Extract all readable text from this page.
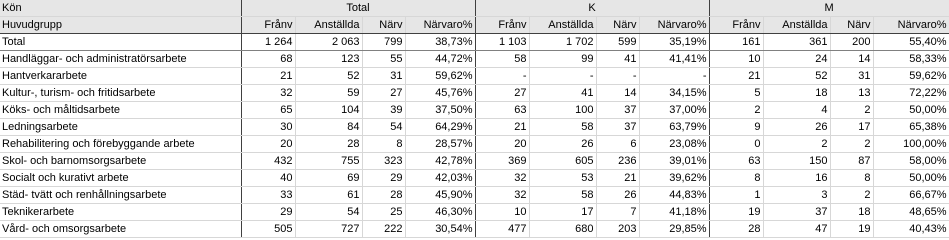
Kön	Total				K				M			
Huvudgrupp	Frånv	Anställda	Närv	Närvaro%	Frånv	Anställda	Närv	Närvaro%	Frånv	Anställda	Närv	Närvaro%
Total	1 264	2 063	799	38,73%	1 103	1 702	599	35,19%	161	361	200	55,40%
Handläggar- och administratörsarbete	68	123	55	44,72%	58	99	41	41,41%	10	24	14	58,33%
Hantverkararbete	21	52	31	59,62%	-	-	-	-	21	52	31	59,62%
Kultur-, turism- och fritidsarbete	32	59	27	45,76%	27	41	14	34,15%	5	18	13	72,22%
Köks- och måltidsarbete	65	104	39	37,50%	63	100	37	37,00%	2	4	2	50,00%
Ledningsarbete	30	84	54	64,29%	21	58	37	63,79%	9	26	17	65,38%
Rehabilitering och förebyggande arbete	20	28	8	28,57%	20	26	6	23,08%	0	2	2	100,00%
Skol- och barnomsorgsarbete	432	755	323	42,78%	369	605	236	39,01%	63	150	87	58,00%
Socialt och kurativt arbete	40	69	29	42,03%	32	53	21	39,62%	8	16	8	50,00%
Städ- tvätt och renhållningsarbete	33	61	28	45,90%	32	58	26	44,83%	1	3	2	66,67%
Teknikerarbete	29	54	25	46,30%	10	17	7	41,18%	19	37	18	48,65%
Vård- och omsorgsarbete	505	727	222	30,54%	477	680	203	29,85%	28	47	19	40,43%
